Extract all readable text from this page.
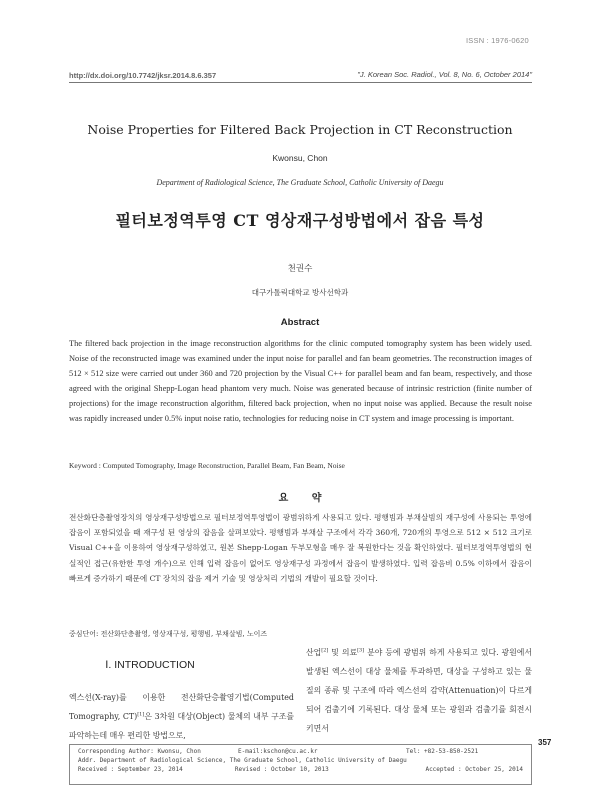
ISSN : 1976-0620
http://dx.doi.org/10.7742/jksr.2014.8.6.357	"J. Korean Soc. Radiol., Vol. 8, No. 6, October 2014"
Noise Properties for Filtered Back Projection in CT Reconstruction
Kwonsu, Chon
Department of Radiological Science, The Graduate School, Catholic University of Daegu
필터보정역투영 CT 영상재구성방법에서 잡음 특성
천권수
대구가톨릭대학교 방사선학과
Abstract
The filtered back projection in the image reconstruction algorithms for the clinic computed tomography system has been widely used. Noise of the reconstructed image was examined under the input noise for parallel and fan beam geometries. The reconstruction images of 512 × 512 size were carried out under 360 and 720 projection by the Visual C++ for parallel beam and fan beam, respectively, and those agreed with the original Shepp-Logan head phantom very much. Noise was generated because of intrinsic restriction (finite number of projections) for the image reconstruction algorithm, filtered back projection, when no input noise was applied. Because the result noise was rapidly increased under 0.5% input noise ratio, technologies for reducing noise in CT system and image processing is important.
Keyword : Computed Tomography, Image Reconstruction, Parallel Beam, Fan Beam, Noise
요 약
전산화단층촬영장치의 영상재구성방법으로 필터보정역투영법이 광범위하게 사용되고 있다. 평행빔과 부채살빔의 재구성에 사용되는 투영에 잡음이 포함되었을 때 재구성 된 영상의 잡음을 살펴보았다. 평행빔과 부채살 구조에서 각각 360개, 720개의 투영으로 512 × 512 크기로 Visual C++을 이용하여 영상재구성하였고, 원본 Shepp-Logan 두부모형을 매우 잘 복원한다는 것을 확인하였다. 필터보정역투영법의 현실적인 접근(유한한 투영 개수)으로 인해 입력 잡음이 없어도 영상재구성 과정에서 잡음이 발생하였다. 입력 잡음비 0.5% 이하에서 잡음이 빠르게 증가하기 때문에 CT 장치의 잡음 제거 기술 및 영상처리 기법의 개발이 필요할 것이다.
중심단어: 전산화단층촬영, 영상재구성, 평행빔, 부채살빔, 노이즈
Ⅰ. INTRODUCTION
엑스선(X-ray)를 이용한 전산화단층촬영기법(Computed Tomography, CT)[1]은 3차원 대상(Object) 물체의 내부 구조를 파악하는데 매우 편리한 방법으로,
산업[2] 및 의료[3] 분야 등에 광범위 하게 사용되고 있다. 광원에서 발생된 엑스선이 대상 물체를 투과하면, 대상을 구성하고 있는 물질의 종류 및 구조에 따라 엑스선의 감약(Attenuation)이 다르게 되어 검출기에 기록된다. 대상 물체 또는 광원과 검출기를 회전시키면서
Corresponding Author: Kwonsu, Chon	E-mail:kschon@cu.ac.kr	Tel: +82-53-850-2521
Addr. Department of Radiological Science, The Graduate School, Catholic University of Daegu
Received : September 23, 2014	Revised : October 10, 2013	Accepted : October 25, 2014
357
